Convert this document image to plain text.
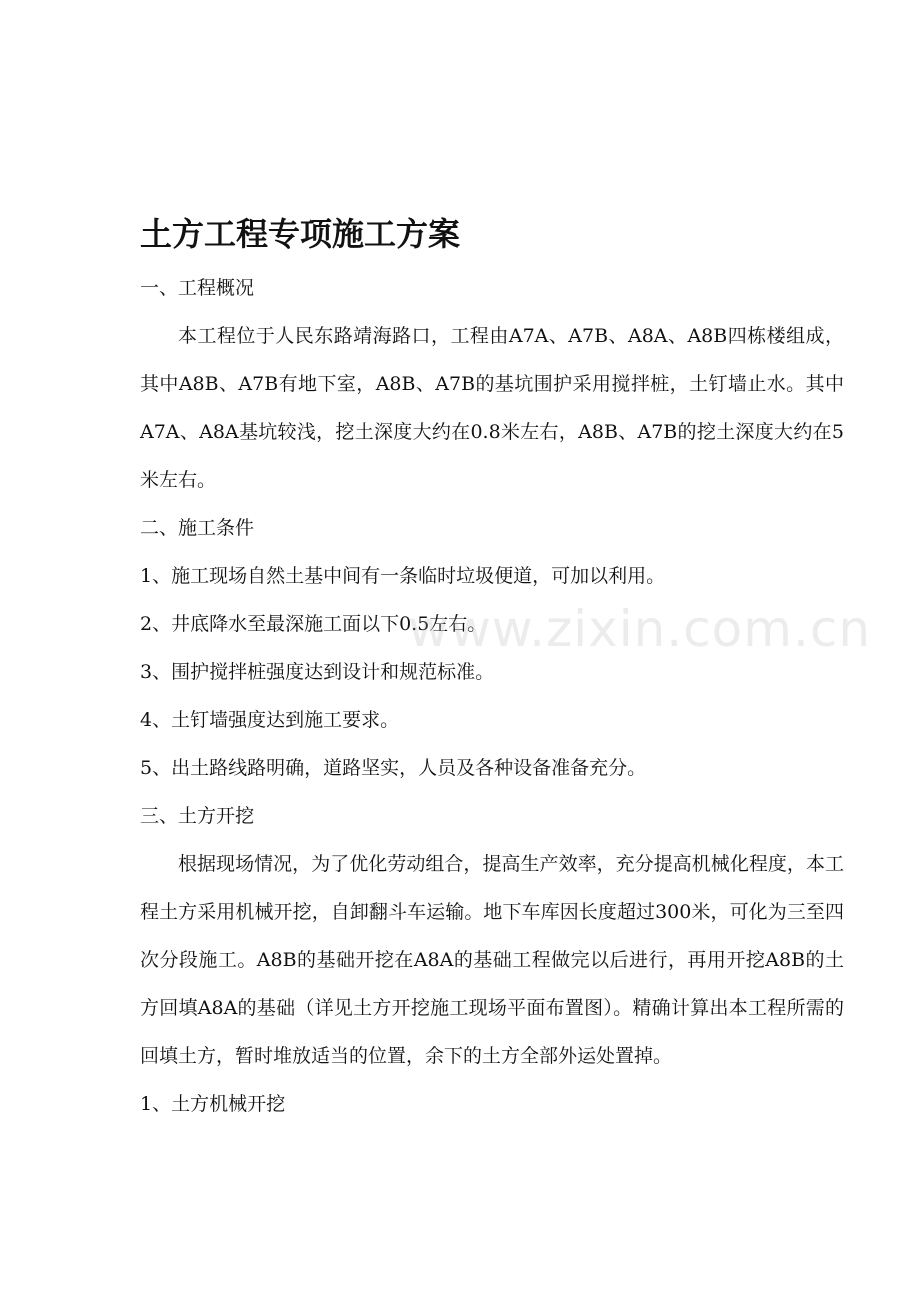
土方工程专项施工方案

一、工程概况

本工程位于人民东路靖海路口，工程由A7A、A7B、A8A、A8B四栋楼组成，其中A8B、A7B有地下室，A8B、A7B的基坑围护采用搅拌桩，土钉墙止水。其中A7A、A8A基坑较浅，挖土深度大约在0.8米左右，A8B、A7B的挖土深度大约在5米左右。

二、施工条件

1、施工现场自然土基中间有一条临时垃圾便道，可加以利用。

2、井底降水至最深施工面以下0.5左右。

3、围护搅拌桩强度达到设计和规范标准。

4、土钉墙强度达到施工要求。

5、出土路线路明确，道路坚实，人员及各种设备准备充分。

三、土方开挖

根据现场情况，为了优化劳动组合，提高生产效率，充分提高机械化程度，本工程土方采用机械开挖，自卸翻斗车运输。地下车库因长度超过300米，可化为三至四次分段施工。A8B的基础开挖在A8A的基础工程做完以后进行，再用开挖A8B的土方回填A8A的基础（详见土方开挖施工现场平面布置图）。精确计算出本工程所需的回填土方，暂时堆放适当的位置，余下的土方全部外运处置掉。

1、土方机械开挖

www.zixin.com.cn
